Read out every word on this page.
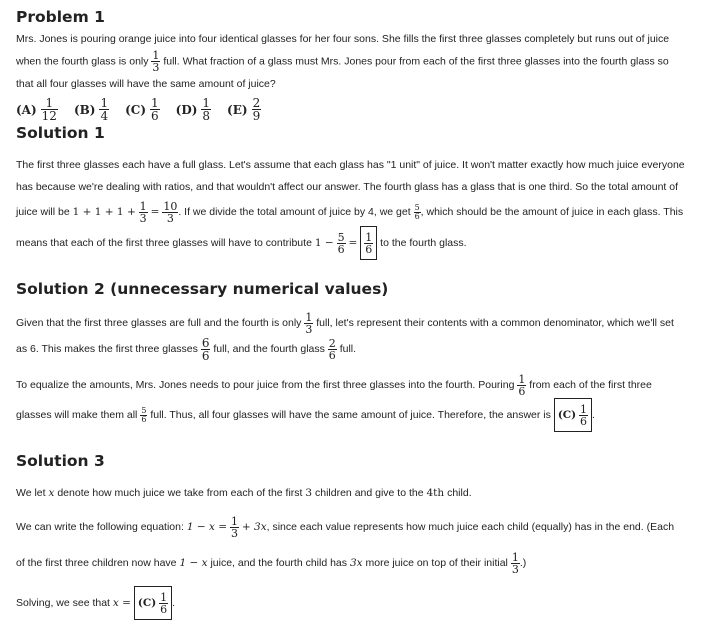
Problem 1

Mrs. Jones is pouring orange juice into four identical glasses for her four sons. She fills the first three glasses completely but runs out of juice

when the fourth glass is only $\frac{1}{3}$ full. What fraction of a glass must Mrs. Jones pour from each of the first three glasses into the fourth glass so

that all four glasses will have the same amount of juice?

$(A) \frac{1}{12} (B) \frac{1}{4} (C) \frac{1}{6} (D) \frac{1}{8} (E) \frac{2}{9}$
Solution 1

The first three glasses each have a full glass. Let's assume that each glass has "1 unit" of juice. It won't matter exactly how much juice everyone

has because we're dealing with ratios, and that wouldn't affect our answer. The fourth glass has a glass that is one third. So the total amount of

juice will be $1 + 1 + 1 + \frac{1}{3} = \frac{10}{3}$ . If we divide the total amount of juice by 4, we get $\frac{5}{6}$ , which should be the amount of juice in each glass. This

means that each of the first three glasses will have to contribute $1 - \frac{5}{6} = \frac{1}{6}$ to the fourth glass.

Solution 2 (unnecessary numerical values)

Given that the first three glasses are full and the fourth is only $\frac{1}{3}$ full, let's represent their contents with a common denominator, which we'll set

as 6. This makes the first three glasses $\frac{6}{6}$ full, and the fourth glass $\frac{2}{6}$ full.

To equalize the amounts, Mrs. Jones needs to pour juice from the first three glasses into the fourth. Pouring $\frac{1}{6}$ from each of the first three

glasses will make them all $\frac{5}{6}$ full. Thus, all four glasses will have the same amount of juice. Therefore, the answer is $(C) \frac{1}{6}$ .

Solution 3

We let x denote how much juice we take from each of the first 3 children and give to the 4th child.

We can write the following equation: $1 - x = \frac{1}{3} + 3x$, since each value represents how much juice each child (equally) has in the end. (Each

of the first three children now have 1 − x juice, and the fourth child has 3x more juice on top of their initial $\frac{1}{3}$ .)

Solving, we see that $x = (C) \frac{1}{6}$ .
